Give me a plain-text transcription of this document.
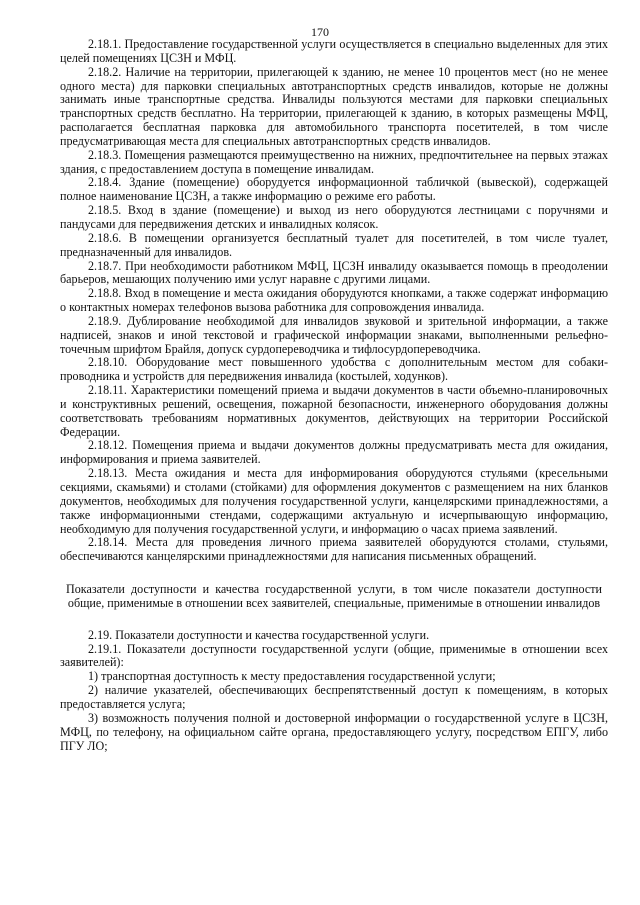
170

2.18.1. Предоставление государственной услуги осуществляется в специально выделенных для этих целей помещениях ЦСЗН и МФЦ.

2.18.2. Наличие на территории, прилегающей к зданию, не менее 10 процентов мест (но не менее одного места) для парковки специальных автотранспортных средств инвалидов, которые не должны занимать иные транспортные средства. Инвалиды пользуются местами для парковки специальных транспортных средств бесплатно. На территории, прилегающей к зданию, в которых размещены МФЦ, располагается бесплатная парковка для автомобильного транспорта посетителей, в том числе предусматривающая места для специальных автотранспортных средств инвалидов.

2.18.3. Помещения размещаются преимущественно на нижних, предпочтительнее на первых этажах здания, с предоставлением доступа в помещение инвалидам.

2.18.4. Здание (помещение) оборудуется информационной табличкой (вывеской), содержащей полное наименование ЦСЗН, а также информацию о режиме его работы.

2.18.5. Вход в здание (помещение) и выход из него оборудуются лестницами с поручнями и пандусами для передвижения детских и инвалидных колясок.

2.18.6. В помещении организуется бесплатный туалет для посетителей, в том числе туалет, предназначенный для инвалидов.

2.18.7. При необходимости работником МФЦ, ЦСЗН инвалиду оказывается помощь в преодолении барьеров, мешающих получению ими услуг наравне с другими лицами.

2.18.8. Вход в помещение и места ожидания оборудуются кнопками, а также содержат информацию о контактных номерах телефонов вызова работника для сопровождения инвалида.

2.18.9. Дублирование необходимой для инвалидов звуковой и зрительной информации, а также надписей, знаков и иной текстовой и графической информации знаками, выполненными рельефно-точечным шрифтом Брайля, допуск сурдопереводчика и тифлосурдопереводчика.

2.18.10. Оборудование мест повышенного удобства с дополнительным местом для собаки-проводника и устройств для передвижения инвалида (костылей, ходунков).

2.18.11. Характеристики помещений приема и выдачи документов в части объемно-планировочных и конструктивных решений, освещения, пожарной безопасности, инженерного оборудования должны соответствовать требованиям нормативных документов, действующих на территории Российской Федерации.

2.18.12. Помещения приема и выдачи документов должны предусматривать места для ожидания, информирования и приема заявителей.

2.18.13. Места ожидания и места для информирования оборудуются стульями (кресельными секциями, скамьями) и столами (стойками) для оформления документов с размещением на них бланков документов, необходимых для получения государственной услуги, канцелярскими принадлежностями, а также информационными стендами, содержащими актуальную и исчерпывающую информацию, необходимую для получения государственной услуги, и информацию о часах приема заявлений.

2.18.14. Места для проведения личного приема заявителей оборудуются столами, стульями, обеспечиваются канцелярскими принадлежностями для написания письменных обращений.

Показатели доступности и качества государственной услуги, в том числе показатели доступности общие, применимые в отношении всех заявителей, специальные, применимые в отношении инвалидов

2.19. Показатели доступности и качества государственной услуги.

2.19.1. Показатели доступности государственной услуги (общие, применимые в отношении всех заявителей):

1) транспортная доступность к месту предоставления государственной услуги;

2) наличие указателей, обеспечивающих беспрепятственный доступ к помещениям, в которых предоставляется услуга;

3) возможность получения полной и достоверной информации о государственной услуге в ЦСЗН, МФЦ, по телефону, на официальном сайте органа, предоставляющего услугу, посредством ЕПГУ, либо ПГУ ЛО;
